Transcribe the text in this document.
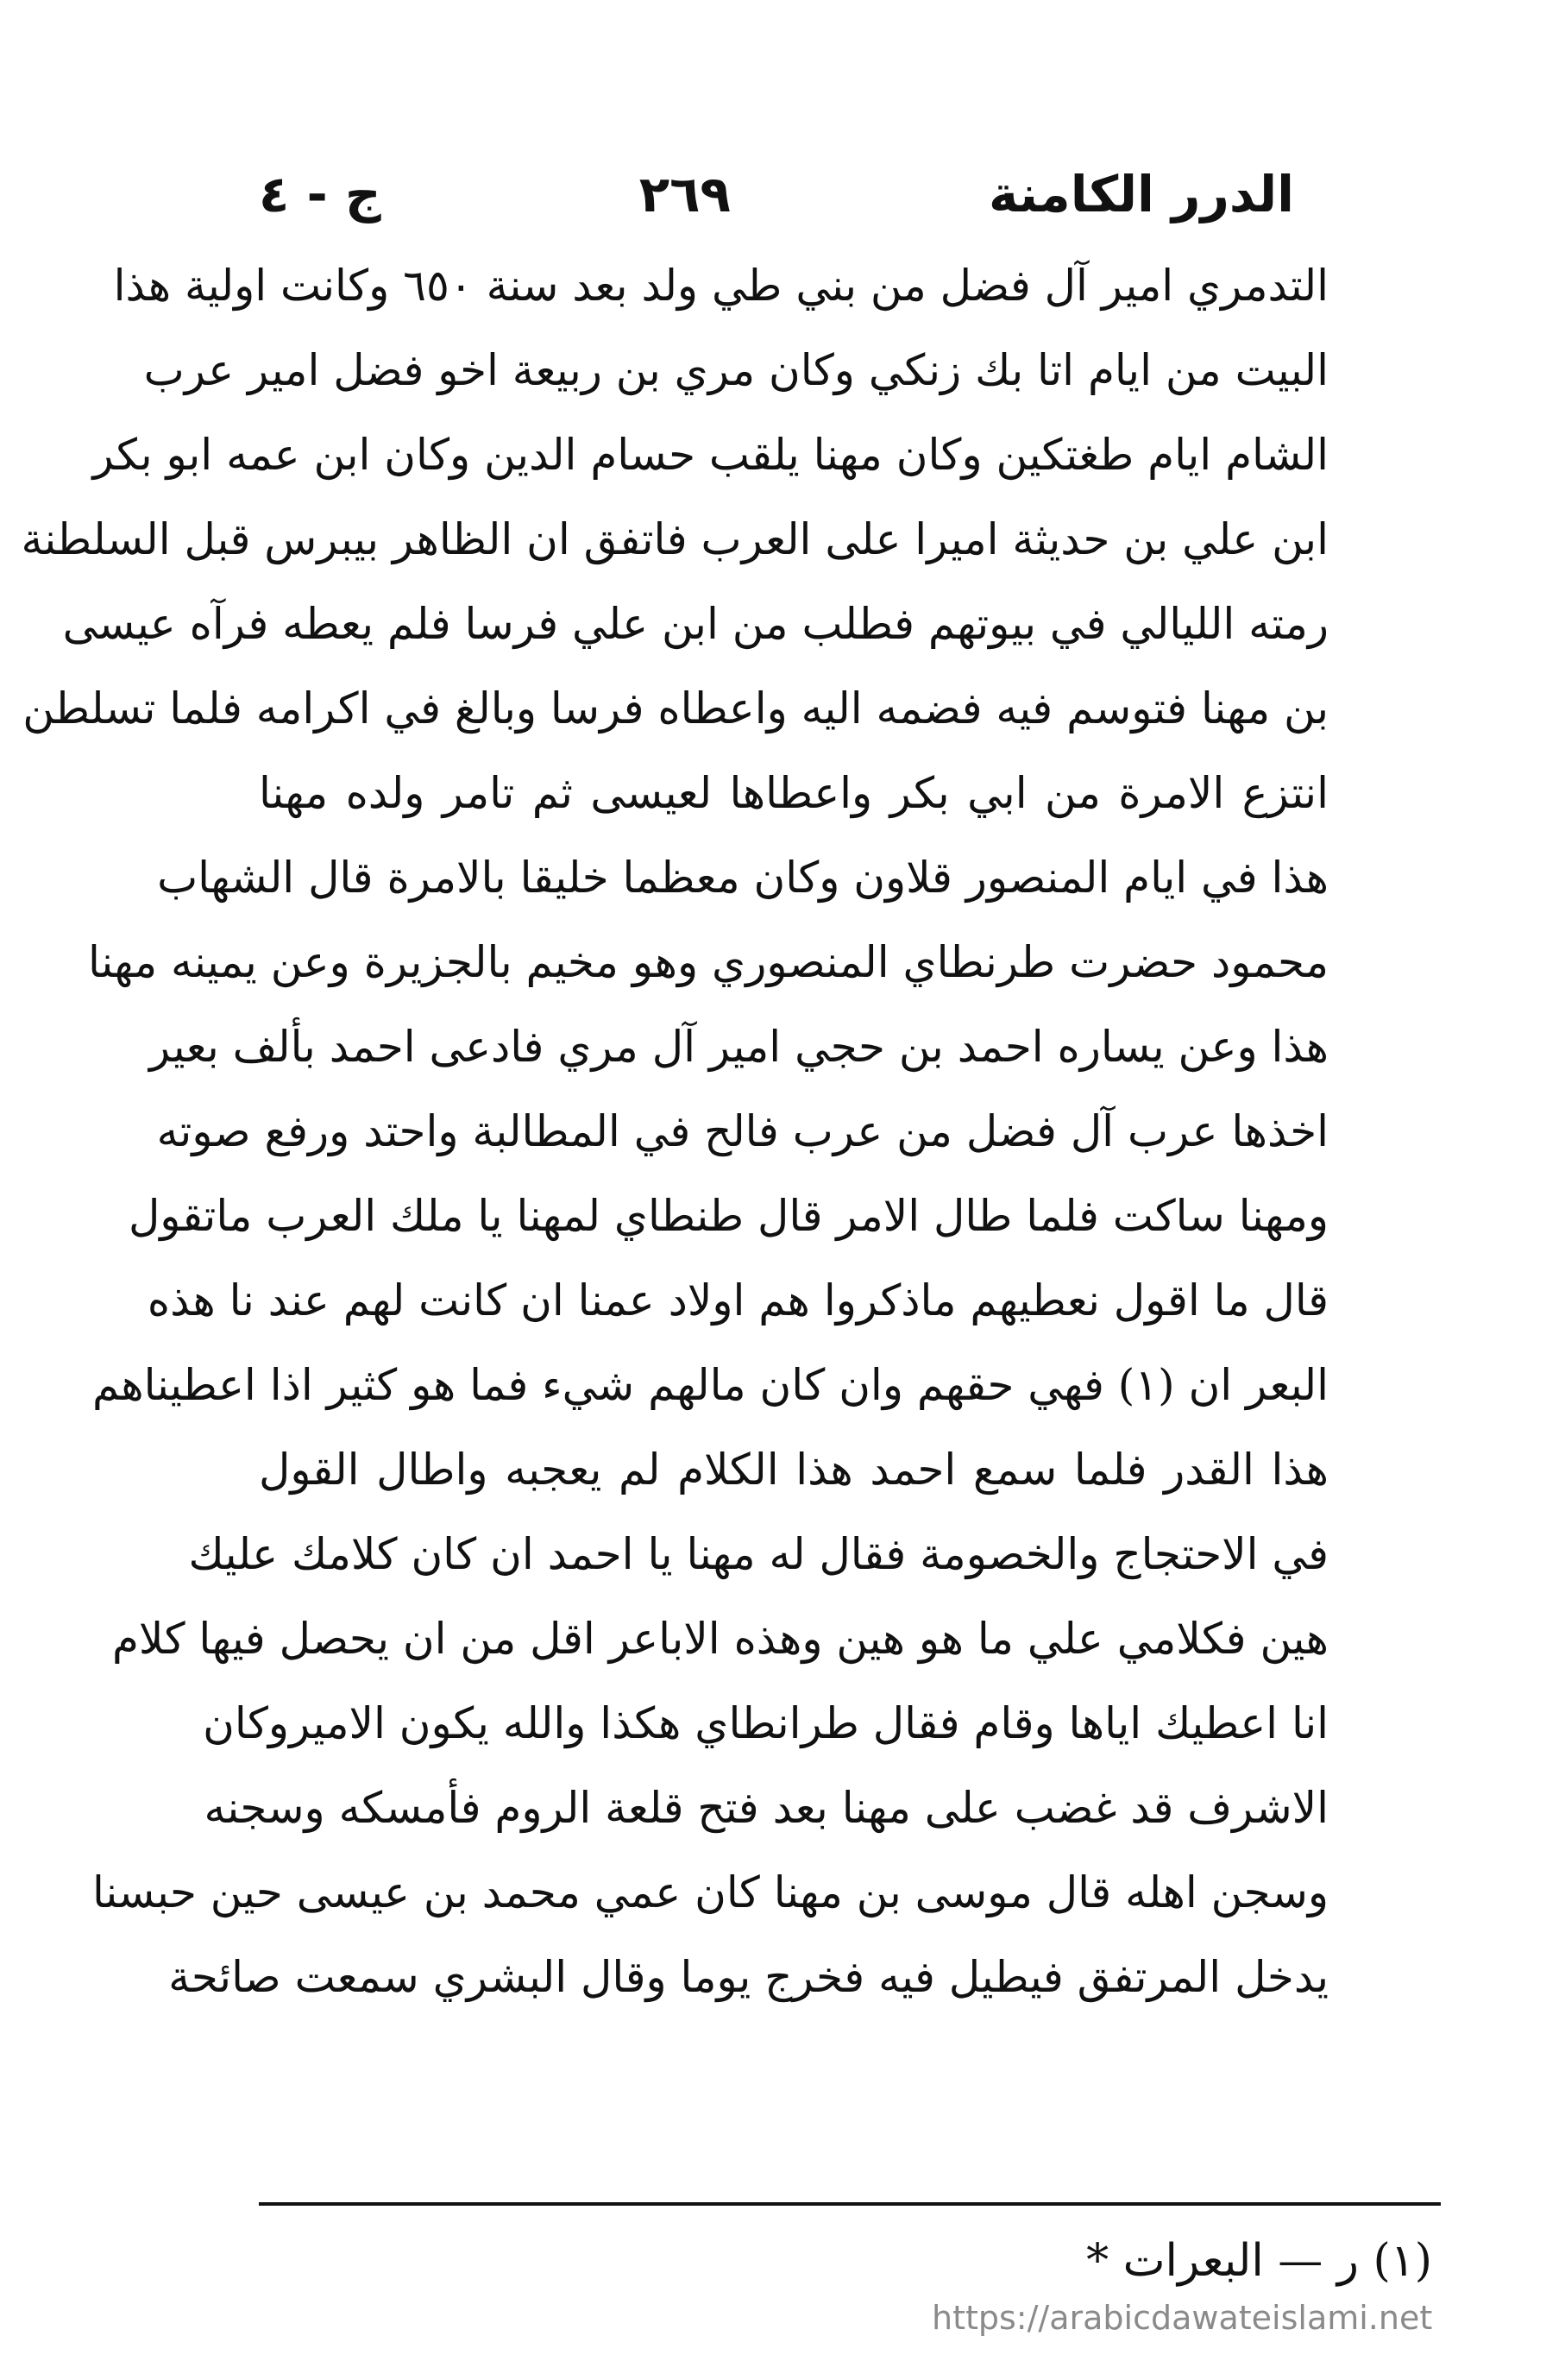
الدرر الكامنة
٢٦٩
ج - ٤
التدمري امير آل فضل من بني طي ولد بعد سنة ٦٥٠ وكانت اولية هذا
البيت من ايام اتا بك زنكي وكان مري بن ربيعة اخو فضل امير عرب
الشام ايام طغتكين وكان مهنا يلقب حسام الدين وكان ابن عمه ابو بكر
ابن علي بن حديثة اميرا على العرب فاتفق ان الظاهر بيبرس قبل السلطنة
رمته الليالي في بيوتهم فطلب من ابن علي فرسا فلم يعطه فرآه عيسى
بن مهنا فتوسم فيه فضمه اليه واعطاه فرسا وبالغ في اكرامه فلما تسلطن
انتزع الامرة من ابي بكر واعطاها لعيسى ثم تامر ولده مهنا
هذا في ايام المنصور قلاون وكان معظما خليقا بالامرة قال الشهاب
محمود حضرت طرنطاي المنصوري وهو مخيم بالجزيرة وعن يمينه مهنا
هذا وعن يساره احمد بن حجي امير آل مري فادعى احمد بألف بعير
اخذها عرب آل فضل من عرب فالح في المطالبة واحتد ورفع صوته
ومهنا ساكت فلما طال الامر قال طنطاي لمهنا يا ملك العرب ماتقول
قال ما اقول نعطيهم ماذكروا هم اولاد عمنا ان كانت لهم عند نا هذه
البعر ان (١) فهي حقهم وان كان مالهم شيء فما هو كثير اذا اعطيناهم
هذا القدر فلما سمع احمد هذا الكلام لم يعجبه واطال القول
في الاحتجاج والخصومة فقال له مهنا يا احمد ان كان كلامك عليك
هين فكلامي علي ما هو هين وهذه الاباعر اقل من ان يحصل فيها كلام
انا اعطيك اياها وقام فقال طرانطاي هكذا والله يكون الاميروكان
الاشرف قد غضب على مهنا بعد فتح قلعة الروم فأمسكه وسجنه
وسجن اهله قال موسى بن مهنا كان عمي محمد بن عيسى حين حبسنا
يدخل المرتفق فيطيل فيه فخرج يوما وقال البشري سمعت صائحة
(١) ر — البعرات *
https://arabicdawateislami.net
